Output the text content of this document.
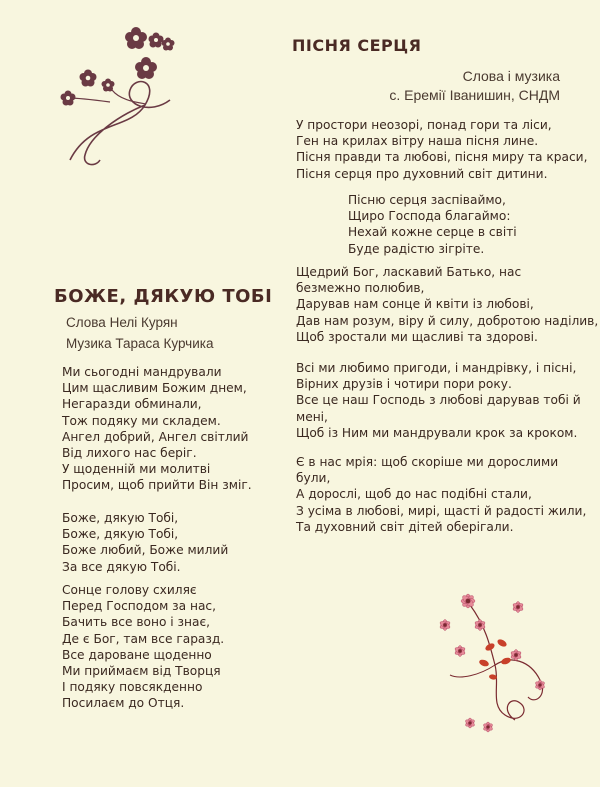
ПІСНЯ СЕРЦЯ
Слова і музика
с. Еремії Іванишин, СНДМ
У простори неозорі, понад гори та ліси,
Ген на крилах вітру наша пісня лине.
Пісня правди та любові, пісня миру та краси,
Пісня серця про духовний світ дитини.
Пісню серця заспіваймо,
Щиро Господа благаймо:
Нехай кожне серце в світі
Буде радістю зігріте.
Щедрий Бог, ласкавий Батько, нас безмежно полюбив,
Дарував нам сонце й квіти із любові,
Дав нам розум, віру й силу, добротою наділив,
Щоб зростали ми щасливі та здорові.
Всі ми любимо пригоди, і мандрівку, і пісні,
Вірних друзів і чотири пори року.
Все це наш Господь з любові дарував тобі й мені,
Щоб із Ним ми мандрували крок за кроком.
Є в нас мрія: щоб скоріше ми дорослими були,
А дорослі, щоб до нас подібні стали,
З усіма в любові, мирі, щасті й радості жили,
Та духовний світ дітей оберігали.
БОЖЕ, ДЯКУЮ ТОБІ
Слова Нелі Курян
Музика Тараса Курчика
Ми сьогодні мандрували
Цим щасливим Божим днем,
Негаразди обминали,
Тож подяку ми складем.
Ангел добрий, Ангел світлий
Від лихого нас беріг.
У щоденній ми молитві
Просим, щоб прийти Він зміг.
Боже, дякую Тобі,
Боже, дякую Тобі,
Боже любий, Боже милий
За все дякую Тобі.
Сонце голову схиляє
Перед Господом за нас,
Бачить все воно і знає,
Де є Бог, там все гаразд.
Все дароване щоденно
Ми приймаєм від Творця
І подяку повсякденно
Посилаєм до Отця.
